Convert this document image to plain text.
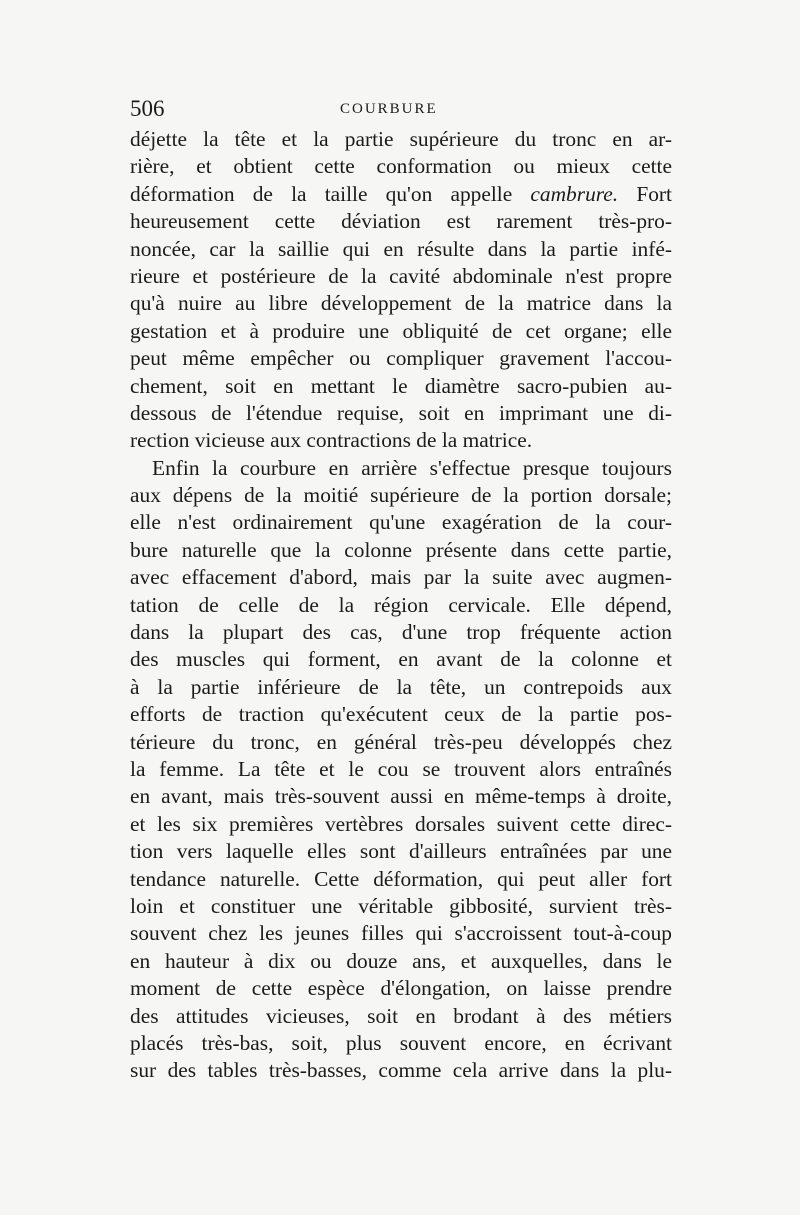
506	COURBURE
déjette la tête et la partie supérieure du tronc en ar-
rière, et obtient cette conformation ou mieux cette
déformation de la taille qu'on appelle cambrure. Fort
heureusement cette déviation est rarement très-pro-
noncée, car la saillie qui en résulte dans la partie infé-
rieure et postérieure de la cavité abdominale n'est propre
qu'à nuire au libre développement de la matrice dans la
gestation et à produire une obliquité de cet organe; elle
peut même empêcher ou compliquer gravement l'accou-
chement, soit en mettant le diamètre sacro-pubien au-
dessous de l'étendue requise, soit en imprimant une di-
rection vicieuse aux contractions de la matrice.
Enfin la courbure en arrière s'effectue presque toujours
aux dépens de la moitié supérieure de la portion dorsale;
elle n'est ordinairement qu'une exagération de la cour-
bure naturelle que la colonne présente dans cette partie,
avec effacement d'abord, mais par la suite avec augmen-
tation de celle de la région cervicale. Elle dépend,
dans la plupart des cas, d'une trop fréquente action
des muscles qui forment, en avant de la colonne et
à la partie inférieure de la tête, un contrepoids aux
efforts de traction qu'exécutent ceux de la partie pos-
térieure du tronc, en général très-peu développés chez
la femme. La tête et le cou se trouvent alors entraînés
en avant, mais très-souvent aussi en même-temps à droite,
et les six premières vertèbres dorsales suivent cette direc-
tion vers laquelle elles sont d'ailleurs entraînées par une
tendance naturelle. Cette déformation, qui peut aller fort
loin et constituer une véritable gibbosité, survient très-
souvent chez les jeunes filles qui s'accroissent tout-à-coup
en hauteur à dix ou douze ans, et auxquelles, dans le
moment de cette espèce d'élongation, on laisse prendre
des attitudes vicieuses, soit en brodant à des métiers
placés très-bas, soit, plus souvent encore, en écrivant
sur des tables très-basses, comme cela arrive dans la plu-
